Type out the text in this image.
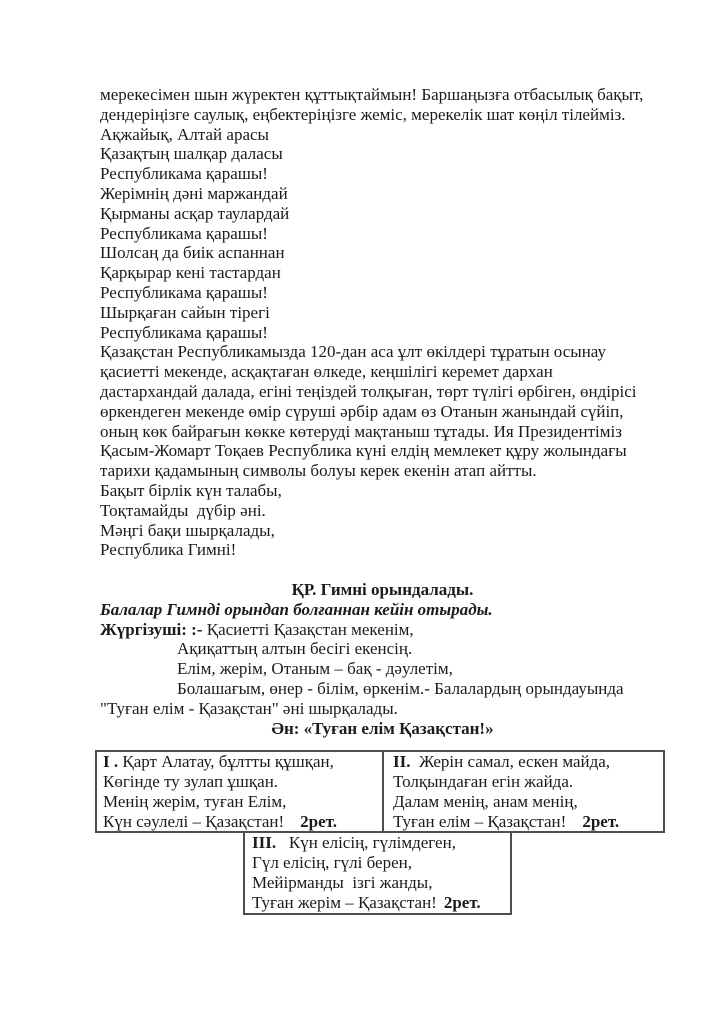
мерекесімен шын жүректен құттықтаймын! Баршаңызға отбасылық бақыт,
дендеріңізге саулық, еңбектеріңізге жеміс, мерекелік шат көңіл тілейміз.
Ақжайық, Алтай арасы
Қазақтың шалқар даласы
Республикама қарашы!
Жерімнің дәні маржандай
Қырманы асқар таулардай
Республикама қарашы!
Шолсаң да биік аспаннан
Қарқырар кені тастардан
Республикама қарашы!
Шырқаған сайын тірегі
Республикама қарашы!
Қазақстан Республикамызда 120-дан аса ұлт өкілдері тұратын осынау
қасиетті мекенде, асқақтаған өлкеде, кеңшілігі керемет дархан
дастархандай далада, егіні теңіздей толқыған, төрт түлігі өрбіген, өндірісі
өркендеген мекенде өмір сүруші әрбір адам өз Отанын жанындай сүйіп,
оның көк байрағын көкке көтеруді мақтаныш тұтады. Ия Президентіміз
Қасым-Жомарт Тоқаев Республика күні елдің мемлекет құру жолындағы
тарихи қадамының символы болуы керек екенін атап айтты.
Бақыт бірлік күн талабы,
Тоқтамайды  дүбір әні.
Мәңгі бақи шырқалады,
Республика Гимні!
ҚР. Гимні орындалады.
Балалар Гимнді орындап болғаннан кейін отырады.
Жүргізуші: :- Қасиетті Қазақстан мекенім,
Ақиқаттың алтын бесігі екенсің.
Елім, жерім, Отаным – бақ - дәулетім,
Болашағым, өнер - білім, өркенім.- Балалардың орындауында
"Туған елім - Қазақстан" әні шырқалады.
Ән: «Туған елім Қазақстан!»
I . Қарт Алатау, бұлтты құшқан,
Көгінде ту зулап ұшқан.
Менің жерім, туған Елім,
Күн сәулелі – Қазақстан! 2рет.
II.  Жерін самал, ескен майда,
Толқындаған егін жайда.
Далам менің, анам менің,
Туған елім – Қазақстан! 2рет.
III.   Күн елісің, гүлімдеген,
Гүл елісің, гүлі берен,
Мейірманды  ізгі жанды,
Туған жерім – Қазақстан! 2рет.
